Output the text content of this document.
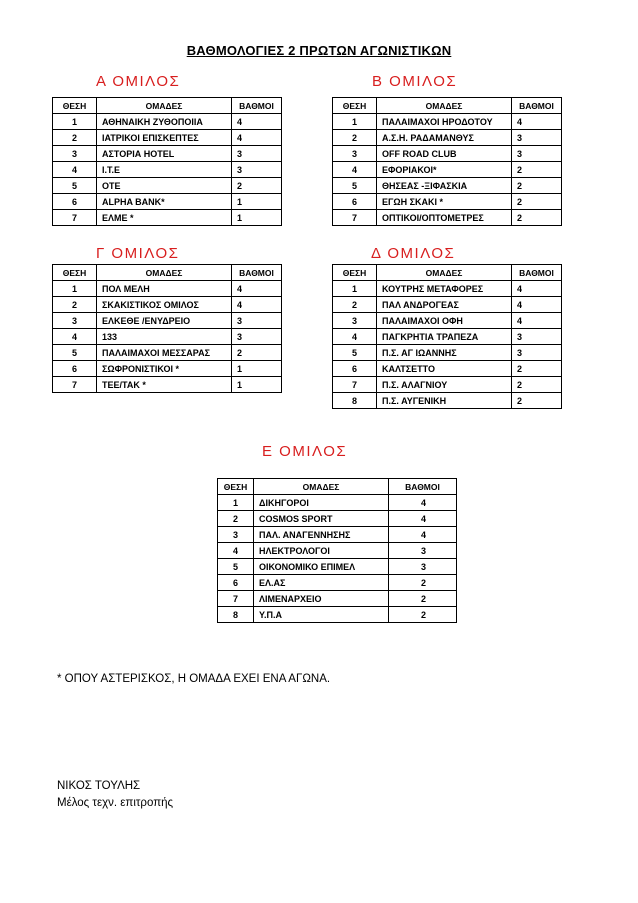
ΒΑΘΜΟΛΟΓΙΕΣ 2 ΠΡΩΤΩΝ ΑΓΩΝΙΣΤΙΚΩΝ
Α ΟΜΙΛΟΣ
ΘΕΣΗ	ΟΜΑΔΕΣ	ΒΑΘΜΟΙ
1	ΑΘΗΝΑΙΚΗ ΖΥΘΟΠΟΙΙΑ	4
2	ΙΑΤΡΙΚΟΙ ΕΠΙΣΚΕΠΤΕΣ	4
3	ΑΣΤΟΡΙΑ HOTEL	3
4	I.T.E	3
5	ΟΤΕ	2
6	ALPHA BANK*	1
7	ΕΛΜΕ *	1
Β ΟΜΙΛΟΣ
ΘΕΣΗ	ΟΜΑΔΕΣ	ΒΑΘΜΟΙ
1	ΠΑΛΑΙΜΑΧΟΙ ΗΡΟΔΟΤΟΥ	4
2	Α.Σ.Η. ΡΑΔΑΜΑΝΘΥΣ	3
3	OFF ROAD CLUB	3
4	ΕΦΟΡΙΑΚΟΙ*	2
5	ΘΗΣΕΑΣ -ΞΙΦΑΣΚΙΑ	2
6	ΕΓΩΗ ΣΚΑΚΙ *	2
7	ΟΠΤΙΚΟΙ/ΟΠΤΟΜΕΤΡΕΣ	2
Γ ΟΜΙΛΟΣ
ΘΕΣΗ	ΟΜΑΔΕΣ	ΒΑΘΜΟΙ
1	ΠΟΛ ΜΕΛΗ	4
2	ΣΚΑΚΙΣΤΙΚΟΣ ΟΜΙΛΟΣ	4
3	ΕΛΚΕΘΕ /ΕΝΥΔΡΕΙΟ	3
4	133	3
5	ΠΑΛΑΙΜΑΧΟΙ ΜΕΣΣΑΡΑΣ	2
6	ΣΩΦΡΟΝΙΣΤΙΚΟΙ *	1
7	ΤΕΕ/ΤΑΚ *	1
Δ ΟΜΙΛΟΣ
ΘΕΣΗ	ΟΜΑΔΕΣ	ΒΑΘΜΟΙ
1	ΚΟΥΤΡΗΣ ΜΕΤΑΦΟΡΕΣ	4
2	ΠΑΛ ΑΝΔΡΟΓΕΑΣ	4
3	ΠΑΛΑΙΜΑΧΟΙ ΟΦΗ	4
4	ΠΑΓΚΡΗΤΙΑ ΤΡΑΠΕΖΑ	3
5	Π.Σ. ΑΓ ΙΩΑΝΝΗΣ	3
6	ΚΑΛΤΣΕΤΤΟ	2
7	Π.Σ. ΑΛΑΓΝΙΟΥ	2
8	Π.Σ. ΑΥΓΕΝΙΚΗ	2
Ε ΟΜΙΛΟΣ
ΘΕΣΗ	ΟΜΑΔΕΣ	ΒΑΘΜΟΙ
1	ΔΙΚΗΓΟΡΟΙ	4
2	COSMOS SPORT	4
3	ΠΑΛ. ΑΝΑΓΕΝΝΗΣΗΣ	4
4	ΗΛΕΚΤΡΟΛΟΓΟΙ	3
5	ΟΙΚΟΝΟΜΙΚΟ ΕΠΙΜΕΛ	3
6	ΕΛ.ΑΣ	2
7	ΛΙΜΕΝΑΡΧΕΙΟ	2
8	Υ.Π.Α	2
* ΟΠΟΥ ΑΣΤΕΡΙΣΚΟΣ, Η ΟΜΑΔΑ ΕΧΕΙ ΕΝΑ ΑΓΩΝΑ.
ΝΙΚΟΣ ΤΟΥΛΗΣ
Μέλος τεχν. επιτροπής
